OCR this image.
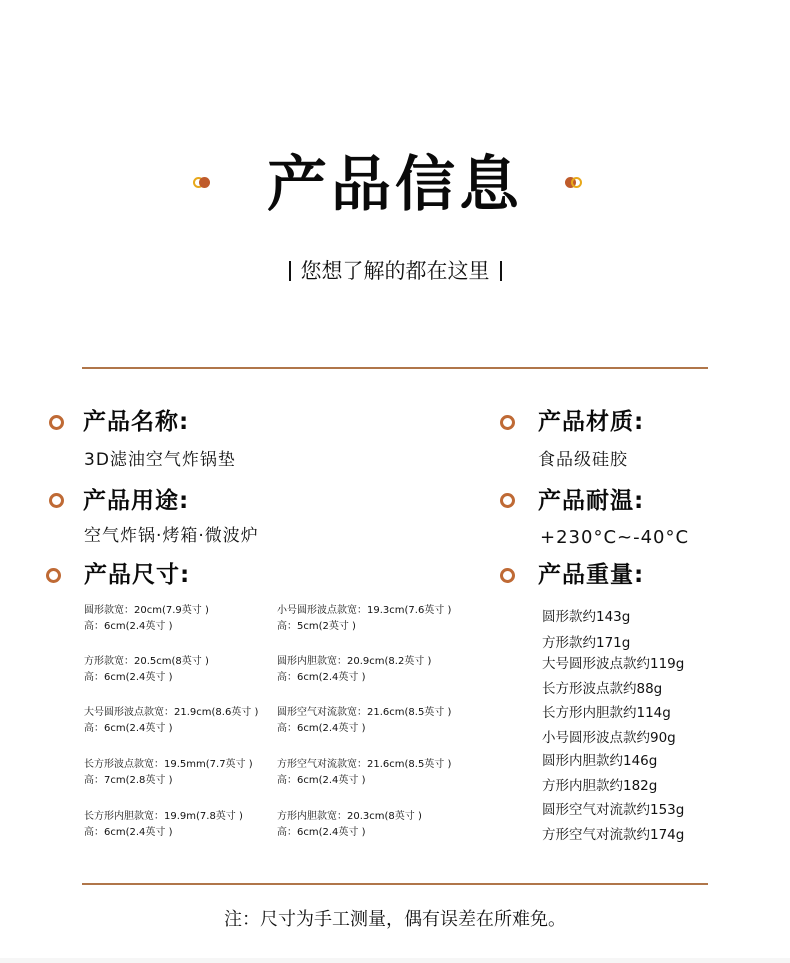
产品信息
您想了解的都在这里
产品名称:
3D滤油空气炸锅垫
产品用途:
空气炸锅·烤箱·微波炉
产品尺寸:
圆形款宽：20cm(7.9英寸 )
高：6cm(2.4英寸 )
小号圆形波点款宽：19.3cm(7.6英寸 )
高：5cm(2英寸 )
方形款宽：20.5cm(8英寸 )
高：6cm(2.4英寸 )
圆形内胆款宽：20.9cm(8.2英寸 )
高：6cm(2.4英寸 )
大号圆形波点款宽：21.9cm(8.6英寸 )
高：6cm(2.4英寸 )
圆形空气对流款宽：21.6cm(8.5英寸 )
高：6cm(2.4英寸 )
长方形波点款宽：19.5mm(7.7英寸 )
高：7cm(2.8英寸 )
方形空气对流款宽：21.6cm(8.5英寸 )
高：6cm(2.4英寸 )
长方形内胆款宽：19.9m(7.8英寸 )
高：6cm(2.4英寸 )
方形内胆款宽：20.3cm(8英寸 )
高：6cm(2.4英寸 )
产品材质:
食品级硅胶
产品耐温:
+230°C~-40°C
产品重量:
圆形款约143g
方形款约171g
大号圆形波点款约119g
长方形波点款约88g
长方形内胆款约114g
小号圆形波点款约90g
圆形内胆款约146g
方形内胆款约182g
圆形空气对流款约153g
方形空气对流款约174g
注：尺寸为手工测量，偶有误差在所难免。
